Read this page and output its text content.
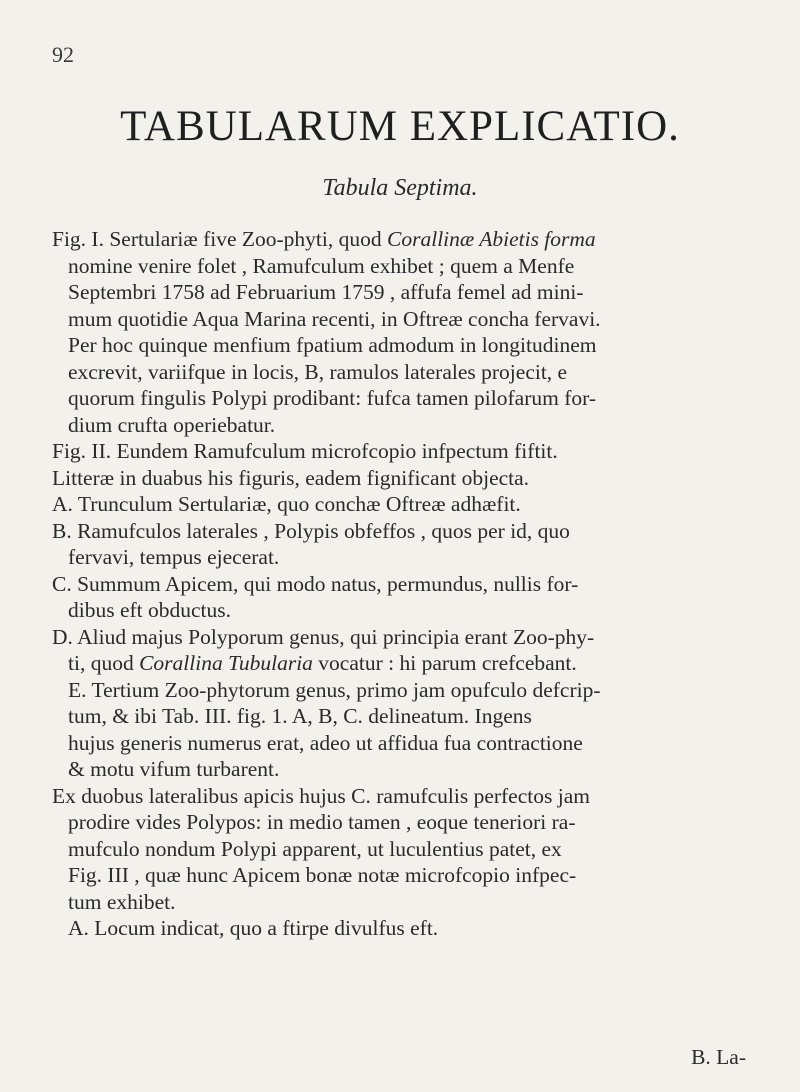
92
TABULARUM EXPLICATIO.
Tabula Septima.
Fig. I. Sertulariæ five Zoo-phyti, quod Corallinæ Abietis forma
nomine venire folet , Ramufculum exhibet ; quem a Menfe
Septembri 1758 ad Februarium 1759 , affufa femel ad mini-
mum quotidie Aqua Marina recenti, in Oftreæ concha fervavi.
Per hoc quinque menfium fpatium admodum in longitudinem
excrevit, variifque in locis, B, ramulos laterales projecit, e
quorum fingulis Polypi prodibant: fufca tamen pilofarum for-
dium crufta operiebatur.
Fig. II. Eundem Ramufculum microfcopio infpectum fiftit.
Litteræ in duabus his figuris, eadem fignificant objecta.
A. Trunculum Sertulariæ, quo conchæ Oftreæ adhæfit.
B. Ramufculos laterales , Polypis obfeffos , quos per id, quo
fervavi, tempus ejecerat.
C. Summum Apicem, qui modo natus, permundus, nullis for-
dibus eft obductus.
D. Aliud majus Polyporum genus, qui principia erant Zoo-phy-
ti, quod Corallina Tubularia vocatur : hi parum crefcebant.
E. Tertium Zoo-phytorum genus, primo jam opufculo defcrip-
tum, & ibi Tab. III. fig. 1. A, B, C. delineatum. Ingens
hujus generis numerus erat, adeo ut affidua fua contractione
& motu vifum turbarent.
Ex duobus lateralibus apicis hujus C. ramufculis perfectos jam
prodire vides Polypos: in medio tamen , eoque teneriori ra-
mufculo nondum Polypi apparent, ut luculentius patet, ex
Fig. III , quæ hunc Apicem bonæ notæ microfcopio infpec-
tum exhibet.
A. Locum indicat, quo a ftirpe divulfus eft.
B. La-
